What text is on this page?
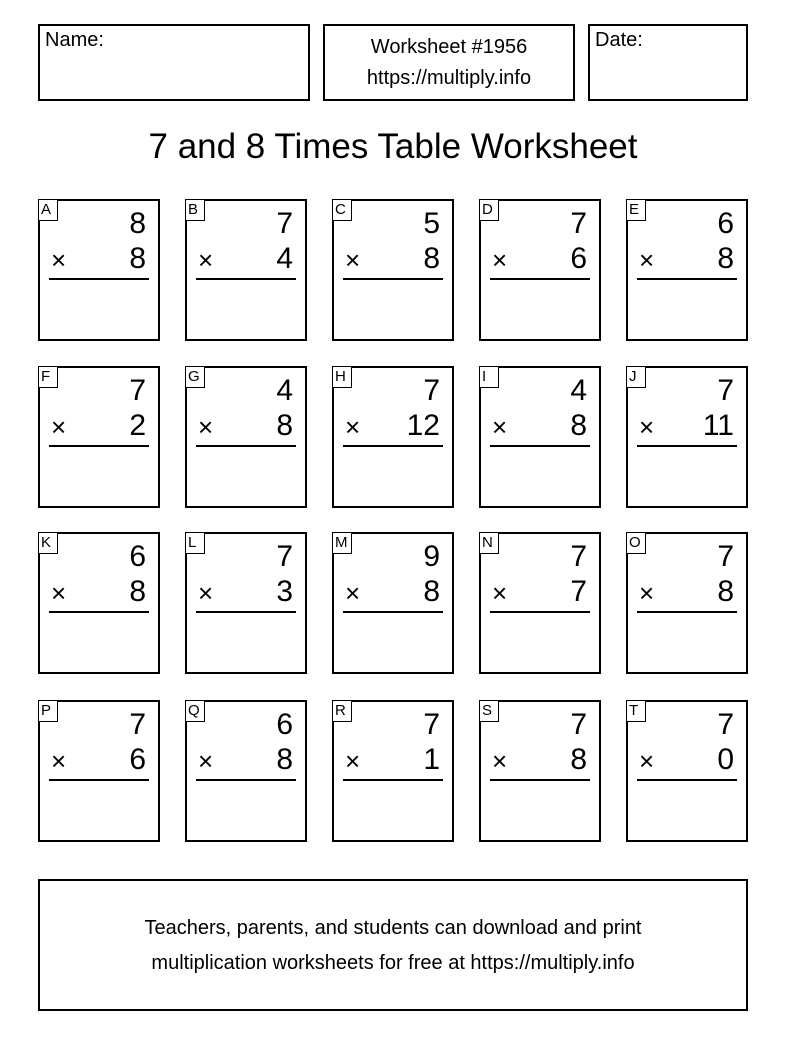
Name:	Worksheet #1956
https://multiply.info
Date:
7 and 8 Times Table Worksheet
A	8
× 8
B	7
× 4
C	5
× 8
D	7
× 6
E	6
× 8
F	7
× 2
G	4
× 8
H	7
× 12
I	4
× 8
J	7
× 11
K	6
× 8
L	7
× 3
M	9
× 8
N	7
× 7
O	7
× 8
P	7
× 6
Q	6
× 8
R	7
× 1
S	7
× 8
T	7
× 0
Teachers, parents, and students can download and print
multiplication worksheets for free at https://multiply.info
